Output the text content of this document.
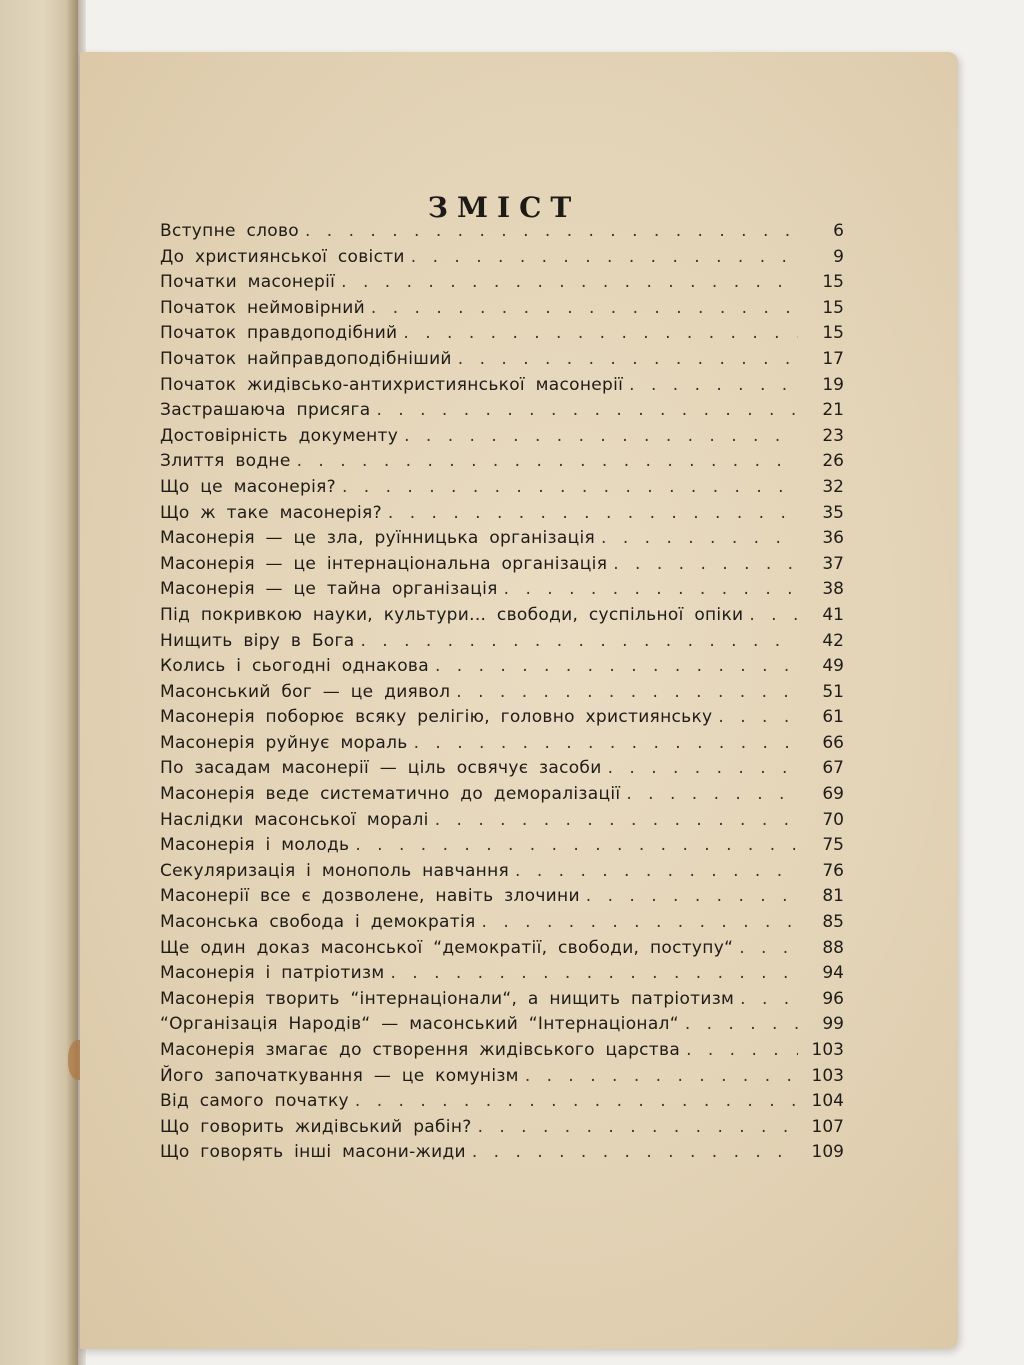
ЗМІСТ
Вступне слово . . .	6
До християнської совісти . . .	9
Початки масонерії . . .	15
Початок неймовірний . . .	15
Початок правдоподібний . . .	15
Початок найправдоподібніший . . .	17
Початок жидівсько-антихристиянської масонерії . . .	19
Застрашаюча присяга . . .	21
Достовірність документу . . .	23
Злиття водне . . .	26
Що це масонерія? . . .	32
Що ж таке масонерія? . . .	35
Масонерія — це зла, руїнницька організація . . .	36
Масонерія — це інтернаціональна організація . . .	37
Масонерія — це тайна організація . . .	38
Під покривкою науки, культури... свободи, суспільної опіки . . .	41
Нищить віру в Бога . . .	42
Колись і сьогодні однакова . . .	49
Масонський бог — це диявол . . .	51
Масонерія поборює всяку релігію, головно християнську . . .	61
Масонерія руйнує мораль . . .	66
По засадам масонерії — ціль освячує засоби . . .	67
Масонерія веде систематично до деморалізації . . .	69
Наслідки масонської моралі . . .	70
Масонерія і молодь . . .	75
Секуляризація і монополь навчання . . .	76
Масонерії все є дозволене, навіть злочини . . .	81
Масонська свобода і демократія . . .	85
Ще один доказ масонської “демократії, свободи, поступу“ . . .	88
Масонерія і патріотизм . . .	94
Масонерія творить “інтернаціонали“, а нищить патріотизм . . .	96
“Організація Народів“ — масонський “Інтернаціонал“ . . .	99
Масонерія змагає до створення жидівського царства . . .	103
Його започаткування — це комунізм . . .	103
Від самого початку . . .	104
Що говорить жидівський рабін? . . .	107
Що говорять інші масони-жиди . . .	109
